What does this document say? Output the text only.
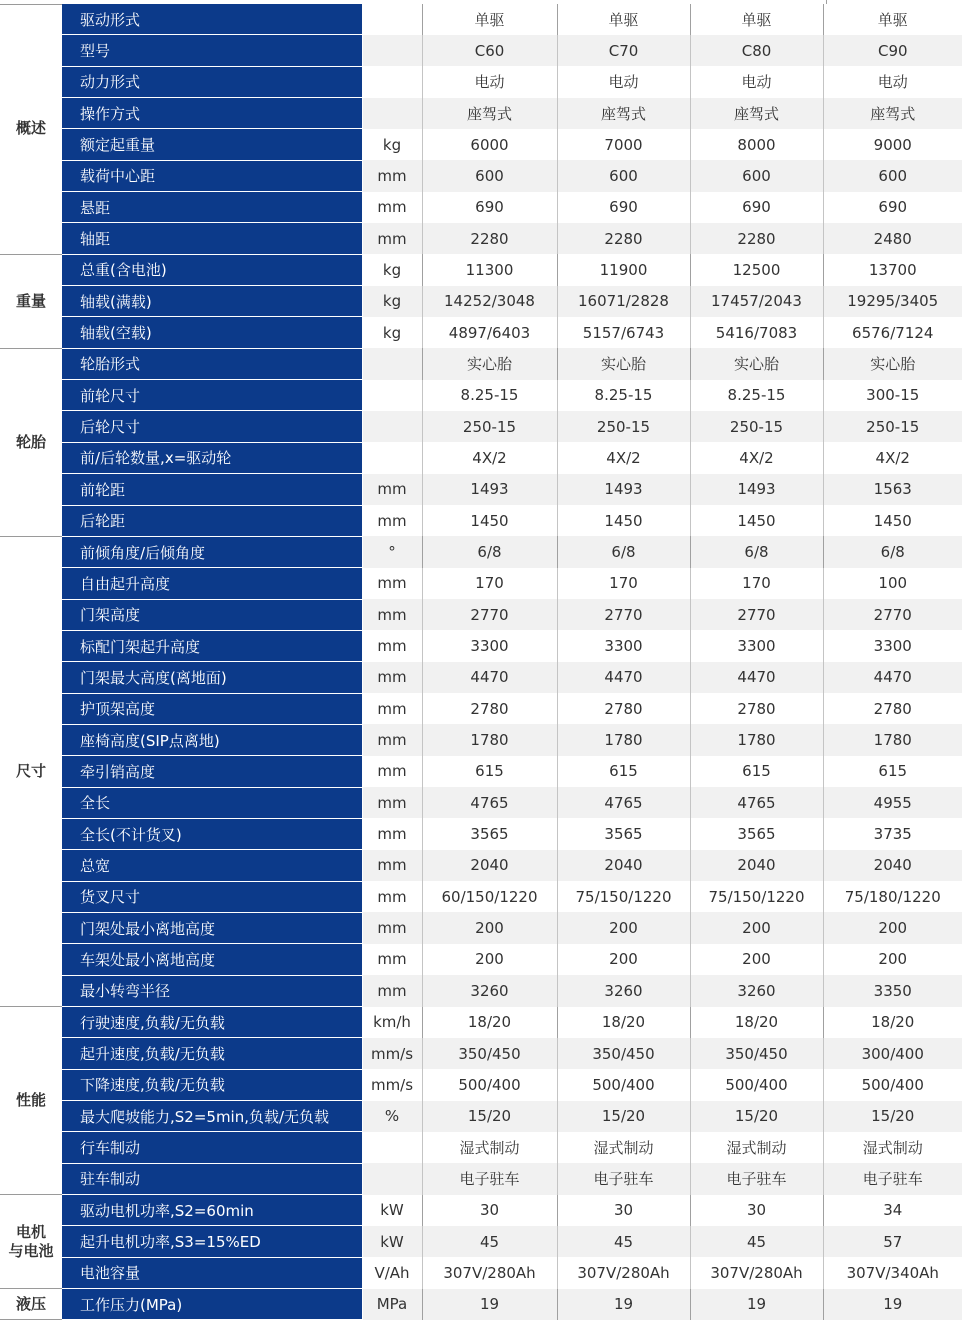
概述	驱动形式		单驱	单驱	单驱	单驱
	型号		C60	C70	C80	C90
	动力形式		电动	电动	电动	电动
	操作方式		座驾式	座驾式	座驾式	座驾式
	额定起重量	kg	6000	7000	8000	9000
	载荷中心距	mm	600	600	600	600
	悬距	mm	690	690	690	690
	轴距	mm	2280	2280	2280	2480

重量	总重(含电池)	kg	11300	11900	12500	13700
	轴载(满载)	kg	14252/3048	16071/2828	17457/2043	19295/3405
	轴载(空载)	kg	4897/6403	5157/6743	5416/7083	6576/7124

轮胎	轮胎形式		实心胎	实心胎	实心胎	实心胎
	前轮尺寸		8.25-15	8.25-15	8.25-15	300-15
	后轮尺寸		250-15	250-15	250-15	250-15
	前/后轮数量,x=驱动轮		4X/2	4X/2	4X/2	4X/2
	前轮距	mm	1493	1493	1493	1563
	后轮距	mm	1450	1450	1450	1450

尺寸	前倾角度/后倾角度	°	6/8	6/8	6/8	6/8
	自由起升高度	mm	170	170	170	100
	门架高度	mm	2770	2770	2770	2770
	标配门架起升高度	mm	3300	3300	3300	3300
	门架最大高度(离地面)	mm	4470	4470	4470	4470
	护顶架高度	mm	2780	2780	2780	2780
	座椅高度(SIP点离地)	mm	1780	1780	1780	1780
	牵引销高度	mm	615	615	615	615
	全长	mm	4765	4765	4765	4955
	全长(不计货叉)	mm	3565	3565	3565	3735
	总宽	mm	2040	2040	2040	2040
	货叉尺寸	mm	60/150/1220	75/150/1220	75/150/1220	75/180/1220
	门架处最小离地高度	mm	200	200	200	200
	车架处最小离地高度	mm	200	200	200	200
	最小转弯半径	mm	3260	3260	3260	3350

性能	行驶速度,负载/无负载	km/h	18/20	18/20	18/20	18/20
	起升速度,负载/无负载	mm/s	350/450	350/450	350/450	300/400
	下降速度,负载/无负载	mm/s	500/400	500/400	500/400	500/400
	最大爬坡能力,S2=5min,负载/无负载	%	15/20	15/20	15/20	15/20
	行车制动		湿式制动	湿式制动	湿式制动	湿式制动
	驻车制动		电子驻车	电子驻车	电子驻车	电子驻车

电机
与电池	驱动电机功率,S2=60min	kW	30	30	30	34
	起升电机功率,S3=15%ED	kW	45	45	45	57
	电池容量	V/Ah	307V/280Ah	307V/280Ah	307V/280Ah	307V/340Ah

液压	工作压力(MPa)	MPa	19	19	19	19
